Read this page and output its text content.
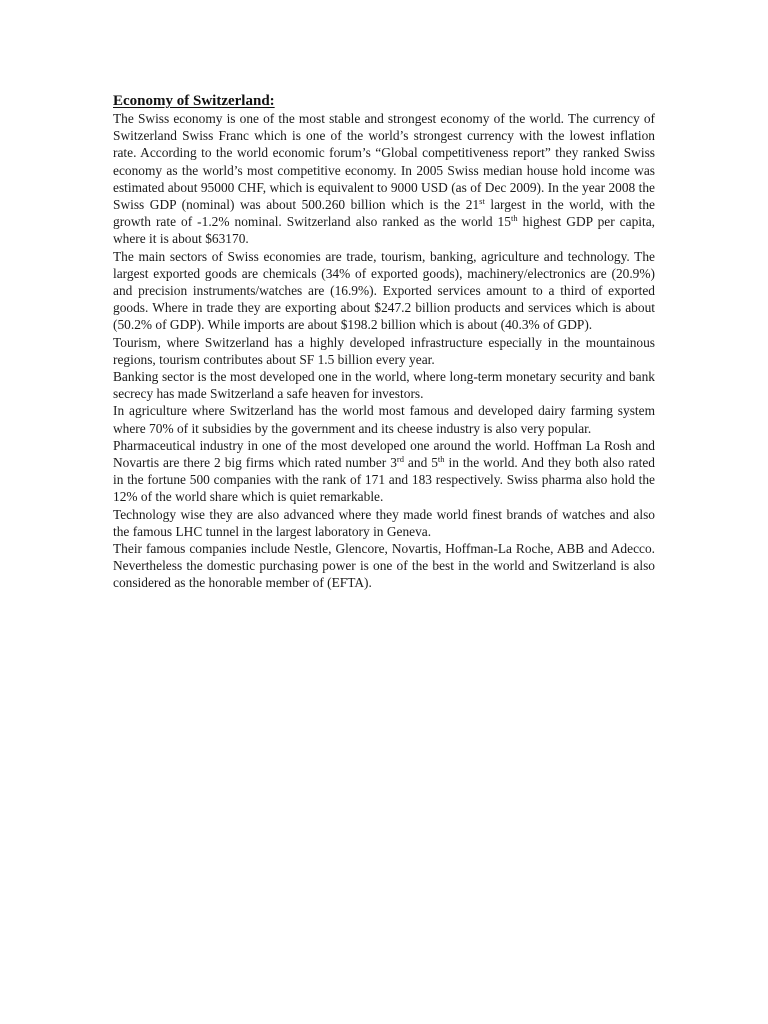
Economy of Switzerland:

The Swiss economy is one of the most stable and strongest economy of the world. The currency of Switzerland Swiss Franc which is one of the world’s strongest currency with the lowest inflation rate. According to the world economic forum’s “Global competitiveness report” they ranked Swiss economy as the world’s most competitive economy. In 2005 Swiss median house hold income was estimated about 95000 CHF, which is equivalent to 9000 USD (as of Dec 2009). In the year 2008 the Swiss GDP (nominal) was about 500.260 billion which is the 21st largest in the world, with the growth rate of -1.2% nominal. Switzerland also ranked as the world 15th highest GDP per capita, where it is about $63170.

The main sectors of Swiss economies are trade, tourism, banking, agriculture and technology. The largest exported goods are chemicals (34% of exported goods), machinery/electronics are (20.9%) and precision instruments/watches are (16.9%). Exported services amount to a third of exported goods. Where in trade they are exporting about $247.2 billion products and services which is about (50.2% of GDP). While imports are about $198.2 billion which is about (40.3% of GDP).

Tourism, where Switzerland has a highly developed infrastructure especially in the mountainous regions, tourism contributes about SF 1.5 billion every year.

Banking sector is the most developed one in the world, where long-term monetary security and bank secrecy has made Switzerland a safe heaven for investors.

In agriculture where Switzerland has the world most famous and developed dairy farming system where 70% of it subsidies by the government and its cheese industry is also very popular.

Pharmaceutical industry in one of the most developed one around the world. Hoffman La Rosh and Novartis are there 2 big firms which rated number 3rd and 5th in the world. And they both also rated in the fortune 500 companies with the rank of 171 and 183 respectively. Swiss pharma also hold the 12% of the world share which is quiet remarkable.

Technology wise they are also advanced where they made world finest brands of watches and also the famous LHC tunnel in the largest laboratory in Geneva.

Their famous companies include Nestle, Glencore, Novartis, Hoffman-La Roche, ABB and Adecco. Nevertheless the domestic purchasing power is one of the best in the world and Switzerland is also considered as the honorable member of (EFTA).
